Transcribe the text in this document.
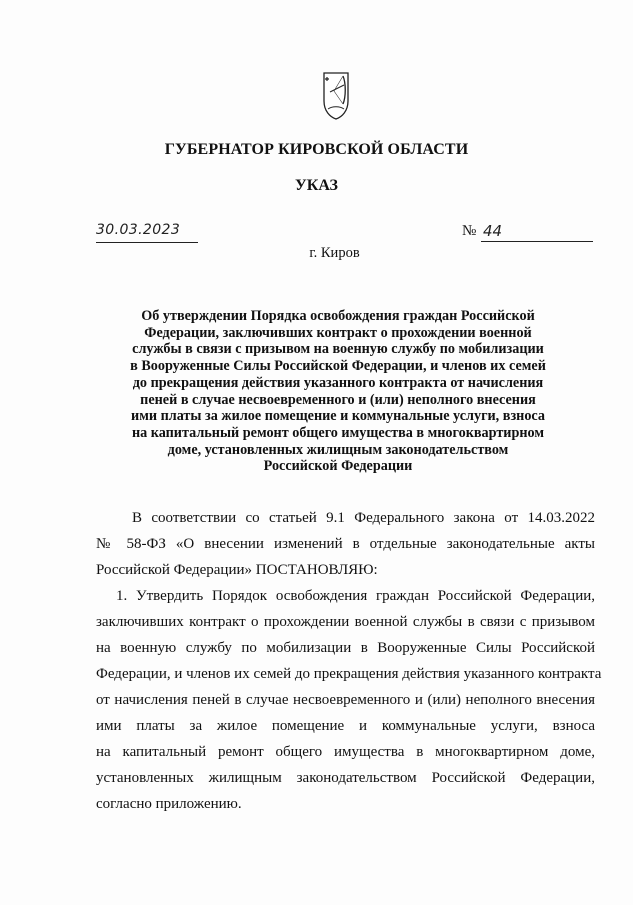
ГУБЕРНАТОР КИРОВСКОЙ ОБЛАСТИ
УКАЗ
30.03.2023	№ 44
г. Киров
Об утверждении Порядка освобождения граждан Российской
Федерации, заключивших контракт о прохождении военной
службы в связи с призывом на военную службу по мобилизации
в Вооруженные Силы Российской Федерации, и членов их семей
до прекращения действия указанного контракта от начисления
пеней в случае несвоевременного и (или) неполного внесения
ими платы за жилое помещение и коммунальные услуги, взноса
на капитальный ремонт общего имущества в многоквартирном
доме, установленных жилищным законодательством
Российской Федерации
В соответствии со статьей 9.1 Федерального закона от 14.03.2022
№ 58-ФЗ «О внесении изменений в отдельные законодательные акты
Российской Федерации» ПОСТАНОВЛЯЮ:
1. Утвердить Порядок освобождения граждан Российской Федерации,
заключивших контракт о прохождении военной службы в связи с призывом
на военную службу по мобилизации в Вооруженные Силы Российской
Федерации, и членов их семей до прекращения действия указанного контракта
от начисления пеней в случае несвоевременного и (или) неполного внесения
ими платы за жилое помещение и коммунальные услуги, взноса
на капитальный ремонт общего имущества в многоквартирном доме,
установленных жилищным законодательством Российской Федерации,
согласно приложению.
